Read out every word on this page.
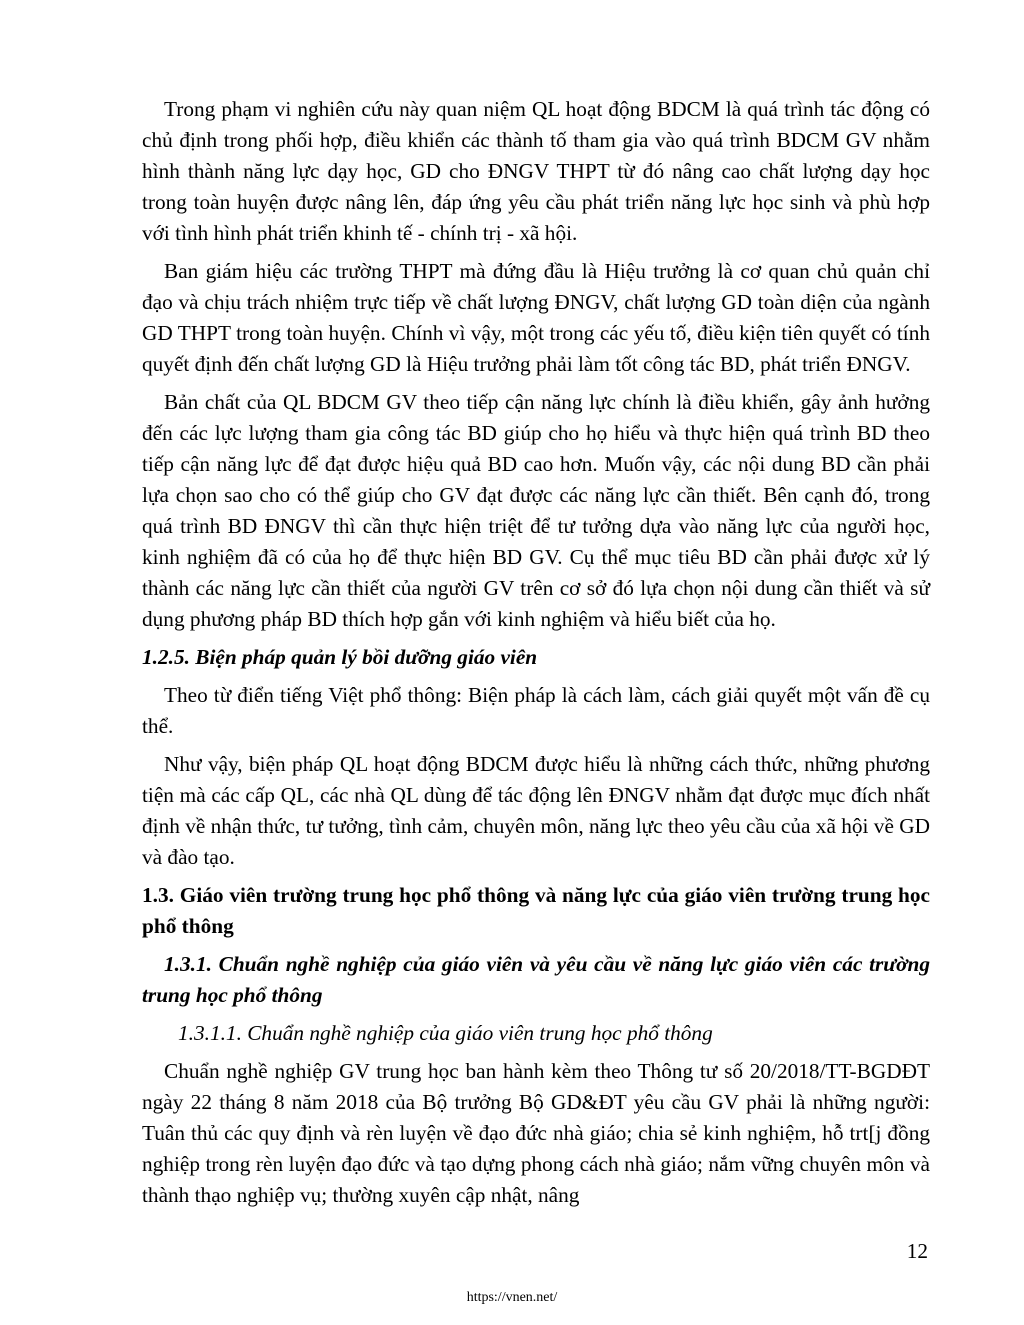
Trong phạm vi nghiên cứu này quan niệm QL hoạt động BDCM là quá trình tác động có chủ định trong phối hợp, điều khiển các thành tố tham gia vào quá trình BDCM GV nhằm hình thành năng lực dạy học, GD cho ĐNGV THPT từ đó nâng cao chất lượng dạy học trong toàn huyện được nâng lên, đáp ứng yêu cầu phát triển năng lực học sinh và phù hợp với tình hình phát triển khinh tế - chính trị - xã hội.

Ban giám hiệu các trường THPT mà đứng đầu là Hiệu trưởng là cơ quan chủ quản chỉ đạo và chịu trách nhiệm trực tiếp về chất lượng ĐNGV, chất lượng GD toàn diện của ngành GD THPT trong toàn huyện. Chính vì vậy, một trong các yếu tố, điều kiện tiên quyết có tính quyết định đến chất lượng GD là Hiệu trưởng phải làm tốt công tác BD, phát triển ĐNGV.

Bản chất của QL BDCM GV theo tiếp cận năng lực chính là điều khiển, gây ảnh hưởng đến các lực lượng tham gia công tác BD giúp cho họ hiểu và thực hiện quá trình BD theo tiếp cận năng lực để đạt được hiệu quả BD cao hơn. Muốn vậy, các nội dung BD cần phải lựa chọn sao cho có thể giúp cho GV đạt được các năng lực cần thiết. Bên cạnh đó, trong quá trình BD ĐNGV thì cần thực hiện triệt để tư tưởng dựa vào năng lực của người học, kinh nghiệm đã có của họ để thực hiện BD GV. Cụ thể mục tiêu BD cần phải được xử lý thành các năng lực cần thiết của người GV trên cơ sở đó lựa chọn nội dung cần thiết và sử dụng phương pháp BD thích hợp gắn với kinh nghiệm và hiểu biết của họ.

1.2.5. Biện pháp quản lý bồi dưỡng giáo viên

Theo từ điển tiếng Việt phổ thông: Biện pháp là cách làm, cách giải quyết một vấn đề cụ thể.

Như vậy, biện pháp QL hoạt động BDCM được hiểu là những cách thức, những phương tiện mà các cấp QL, các nhà QL dùng để tác động lên ĐNGV nhằm đạt được mục đích nhất định về nhận thức, tư tưởng, tình cảm, chuyên môn, năng lực theo yêu cầu của xã hội về GD và đào tạo.

1.3. Giáo viên trường trung học phổ thông và năng lực của giáo viên trường trung học phổ thông
1.3.1. Chuẩn nghề nghiệp của giáo viên và yêu cầu về năng lực giáo viên các trường trung học phổ thông
1.3.1.1. Chuẩn nghề nghiệp của giáo viên trung học phổ thông

Chuẩn nghề nghiệp GV trung học ban hành kèm theo Thông tư số 20/2018/TT-BGDĐT ngày 22 tháng 8 năm 2018 của Bộ trưởng Bộ GD&ĐT yêu cầu GV phải là những người: Tuân thủ các quy định và rèn luyện về đạo đức nhà giáo; chia sẻ kinh nghiệm, hỗ trt[j đồng nghiệp trong rèn luyện đạo đức và tạo dựng phong cách nhà giáo; nắm vững chuyên môn và thành thạo nghiệp vụ; thường xuyên cập nhật, nâng

12
https://vnen.net/
